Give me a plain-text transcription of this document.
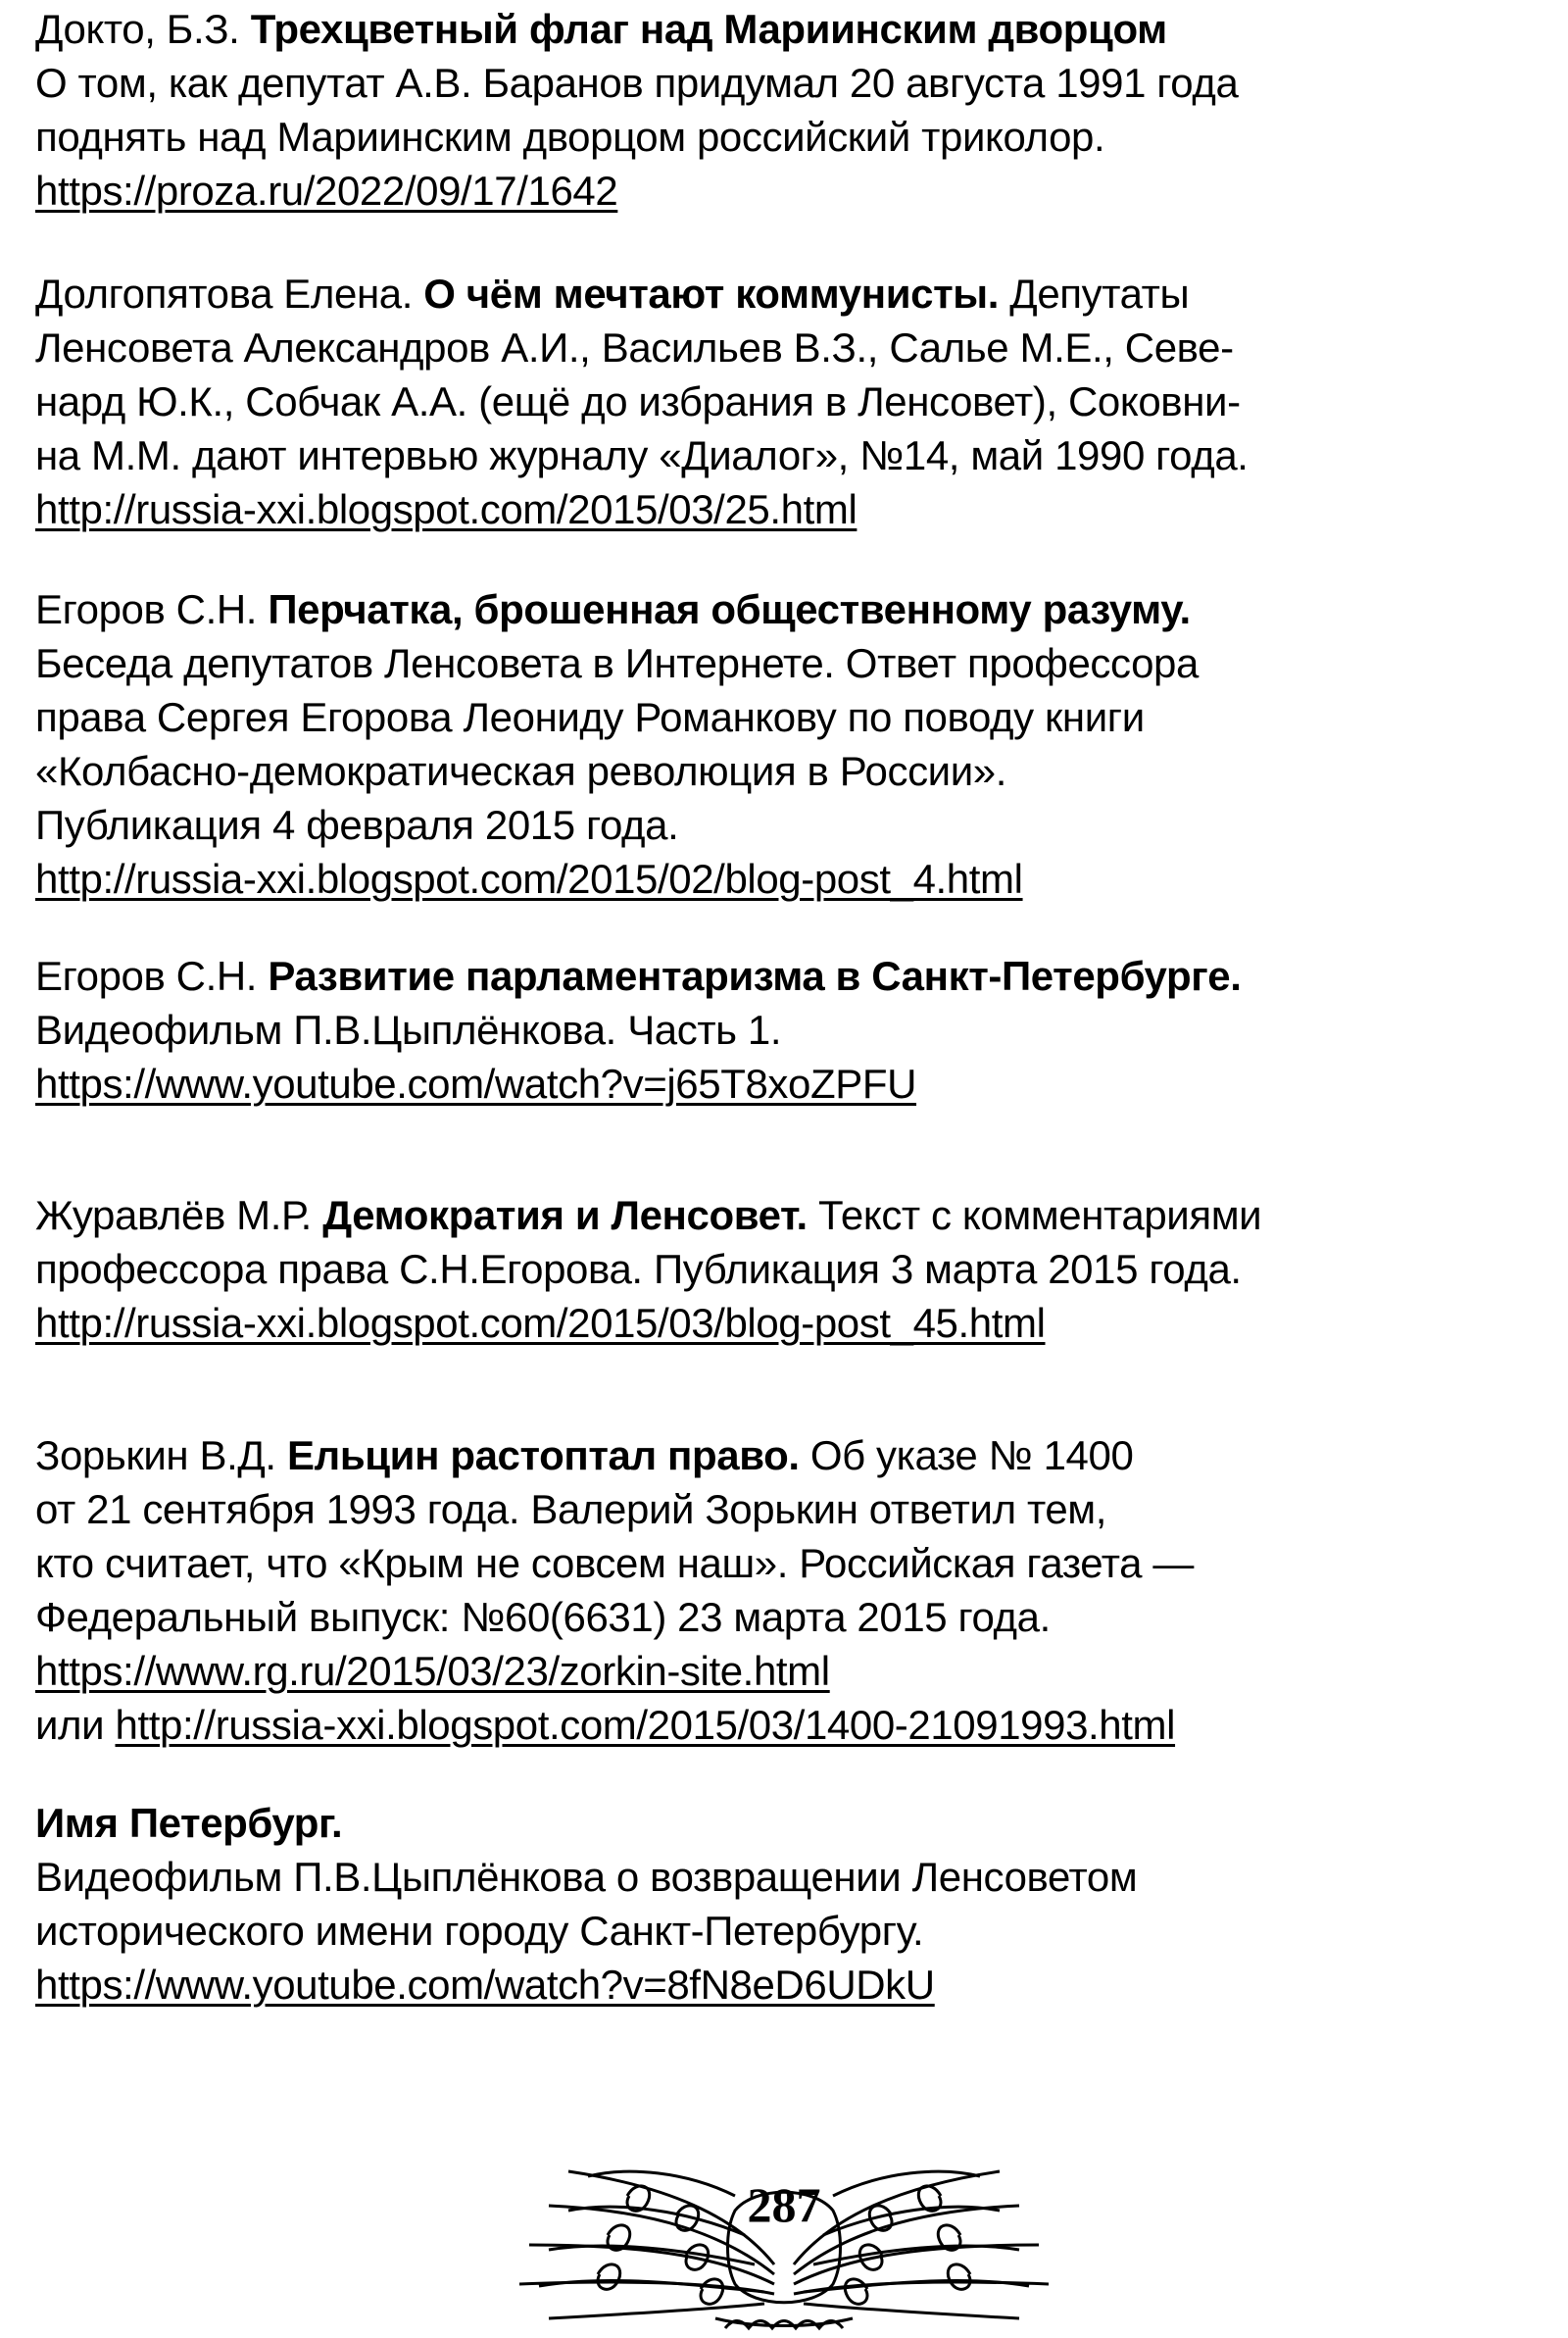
Докто, Б.З. Трехцветный флаг над Мариинским дворцом
О том, как депутат А.В. Баранов придумал 20 августа 1991 года
поднять над Мариинским дворцом российский триколор.
https://proza.ru/2022/09/17/1642
Долгопятова Елена. О чём мечтают коммунисты. Депутаты
Ленсовета Александров А.И., Васильев В.З., Салье М.Е., Севе-
нард Ю.К., Собчак А.А. (ещё до избрания в Ленсовет), Соковни-
на М.М. дают интервью журналу «Диалог», №14, май 1990 года.
http://russia-xxi.blogspot.com/2015/03/25.html
Егоров С.Н. Перчатка, брошенная общественному разуму.
Беседа депутатов Ленсовета в Интернете. Ответ профессора
права Сергея Егорова Леониду Романкову по поводу книги
«Колбасно-демократическая революция в России».
Публикация 4 февраля 2015 года.
http://russia-xxi.blogspot.com/2015/02/blog-post_4.html
Егоров С.Н. Развитие парламентаризма в Санкт-Петербурге.
Видеофильм П.В.Цыплёнкова. Часть 1.
https://www.youtube.com/watch?v=j65T8xoZPFU
Журавлёв М.Р. Демократия и Ленсовет. Текст с комментариями
профессора права С.Н.Егорова. Публикация 3 марта 2015 года.
http://russia-xxi.blogspot.com/2015/03/blog-post_45.html
Зорькин В.Д. Ельцин растоптал право. Об указе № 1400
от 21 сентября 1993 года. Валерий Зорькин ответил тем,
кто считает, что «Крым не совсем наш». Российская газета —
Федеральный выпуск: №60(6631) 23 марта 2015 года.
https://www.rg.ru/2015/03/23/zorkin-site.html
или http://russia-xxi.blogspot.com/2015/03/1400-21091993.html
Имя Петербург.
Видеофильм П.В.Цыплёнкова о возвращении Ленсоветом
исторического имени городу Санкт-Петербургу.
https://www.youtube.com/watch?v=8fN8eD6UDkU
287
